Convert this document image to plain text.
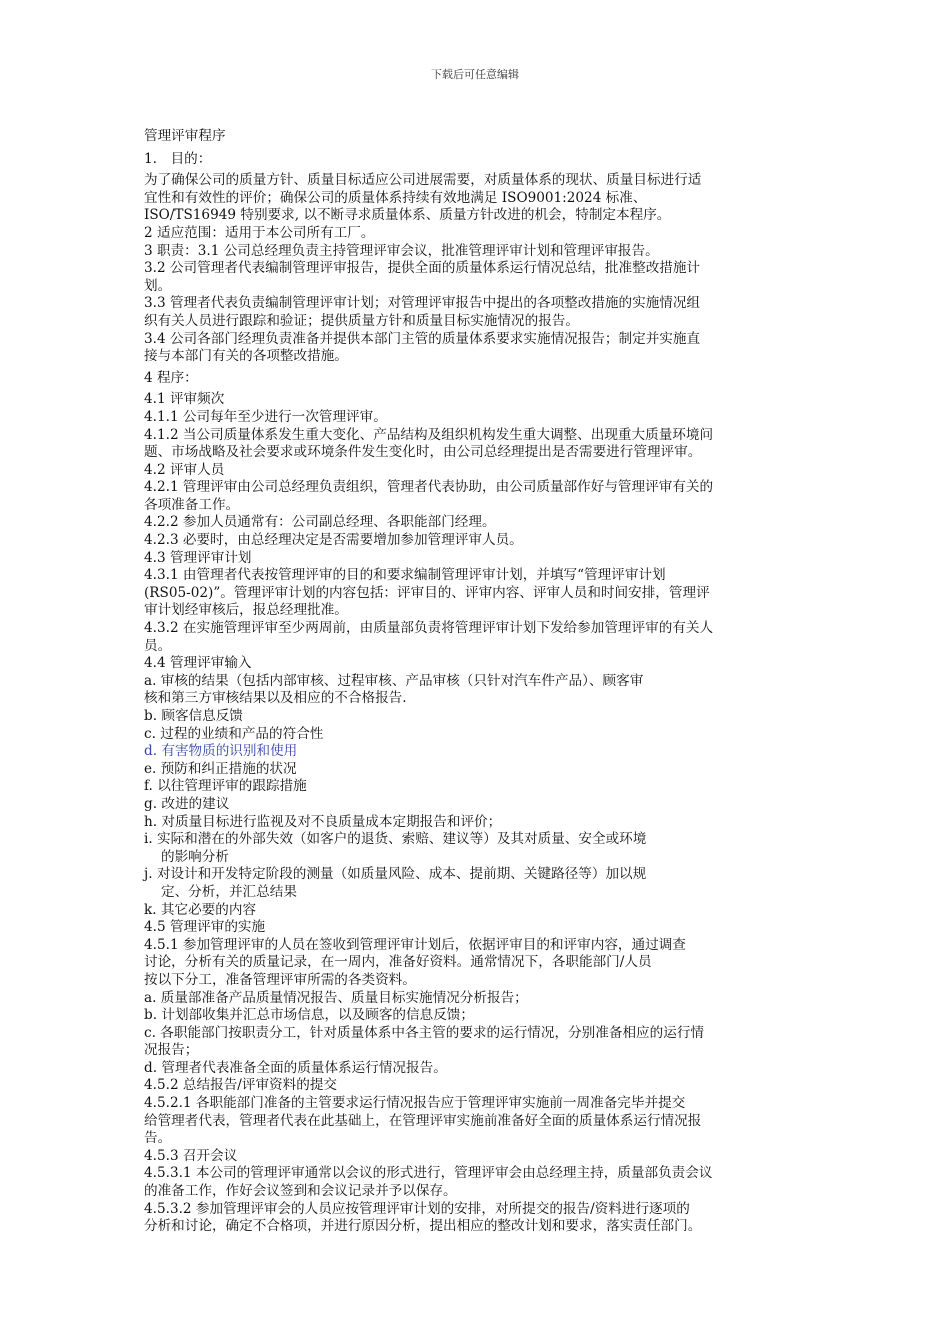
下载后可任意编辑

管理评审程序

1.　目的：

为了确保公司的质量方针、质量目标适应公司进展需要，对质量体系的现状、质量目标进行适

宜性和有效性的评价；确保公司的质量体系持续有效地满足 ISO9001:2024 标准、

ISO/TS16949 特别要求, 以不断寻求质量体系、质量方针改进的机会，特制定本程序。

2 适应范围：适用于本公司所有工厂。

3 职责：3.1 公司总经理负责主持管理评审会议，批准管理评审计划和管理评审报告。

3.2 公司管理者代表编制管理评审报告，提供全面的质量体系运行情况总结，批准整改措施计

划。

3.3 管理者代表负责编制管理评审计划；对管理评审报告中提出的各项整改措施的实施情况组

织有关人员进行跟踪和验证；提供质量方针和质量目标实施情况的报告。

3.4 公司各部门经理负责准备并提供本部门主管的质量体系要求实施情况报告；制定并实施直

接与本部门有关的各项整改措施。

4 程序：

4.1 评审频次

4.1.1 公司每年至少进行一次管理评审。

4.1.2 当公司质量体系发生重大变化、产品结构及组织机构发生重大调整、出现重大质量环境问

题、市场战略及社会要求或环境条件发生变化时，由公司总经理提出是否需要进行管理评审。

4.2 评审人员

4.2.1 管理评审由公司总经理负责组织，管理者代表协助，由公司质量部作好与管理评审有关的

各项准备工作。

4.2.2 参加人员通常有：公司副总经理、各职能部门经理。

4.2.3 必要时，由总经理决定是否需要增加参加管理评审人员。

4.3 管理评审计划

4.3.1 由管理者代表按管理评审的目的和要求编制管理评审计划，并填写“管理评审计划

(RS05-02)”。管理评审计划的内容包括：评审目的、评审内容、评审人员和时间安排，管理评

审计划经审核后，报总经理批准。

4.3.2 在实施管理评审至少两周前，由质量部负责将管理评审计划下发给参加管理评审的有关人

员。

4.4 管理评审输入

a. 审核的结果（包括内部审核、过程审核、产品审核（只针对汽车件产品）、顾客审

核和第三方审核结果以及相应的不合格报告.

b. 顾客信息反馈

c. 过程的业绩和产品的符合性

d. 有害物质的识别和使用

e. 预防和纠正措施的状况

f. 以往管理评审的跟踪措施

g. 改进的建议

h. 对质量目标进行监视及对不良质量成本定期报告和评价；

i. 实际和潜在的外部失效（如客户的退货、索赔、建议等）及其对质量、安全或环境

的影响分析

j. 对设计和开发特定阶段的测量（如质量风险、成本、提前期、关键路径等）加以规

定、分析，并汇总结果

k. 其它必要的内容

4.5 管理评审的实施

4.5.1 参加管理评审的人员在签收到管理评审计划后，依据评审目的和评审内容，通过调查

讨论，分析有关的质量记录，在一周内，准备好资料。通常情况下，各职能部门/人员

按以下分工，准备管理评审所需的各类资料。

a. 质量部准备产品质量情况报告、质量目标实施情况分析报告；

b. 计划部收集并汇总市场信息，以及顾客的信息反馈；

c. 各职能部门按职责分工，针对质量体系中各主管的要求的运行情况，分别准备相应的运行情

况报告；

d. 管理者代表准备全面的质量体系运行情况报告。

4.5.2 总结报告/评审资料的提交

4.5.2.1 各职能部门准备的主管要求运行情况报告应于管理评审实施前一周准备完毕并提交

给管理者代表，管理者代表在此基础上，在管理评审实施前准备好全面的质量体系运行情况报

告。

4.5.3 召开会议

4.5.3.1 本公司的管理评审通常以会议的形式进行，管理评审会由总经理主持，质量部负责会议

的准备工作，作好会议签到和会议记录并予以保存。

4.5.3.2 参加管理评审会的人员应按管理评审计划的安排，对所提交的报告/资料进行逐项的

分析和讨论，确定不合格项，并进行原因分析，提出相应的整改计划和要求，落实责任部门。
